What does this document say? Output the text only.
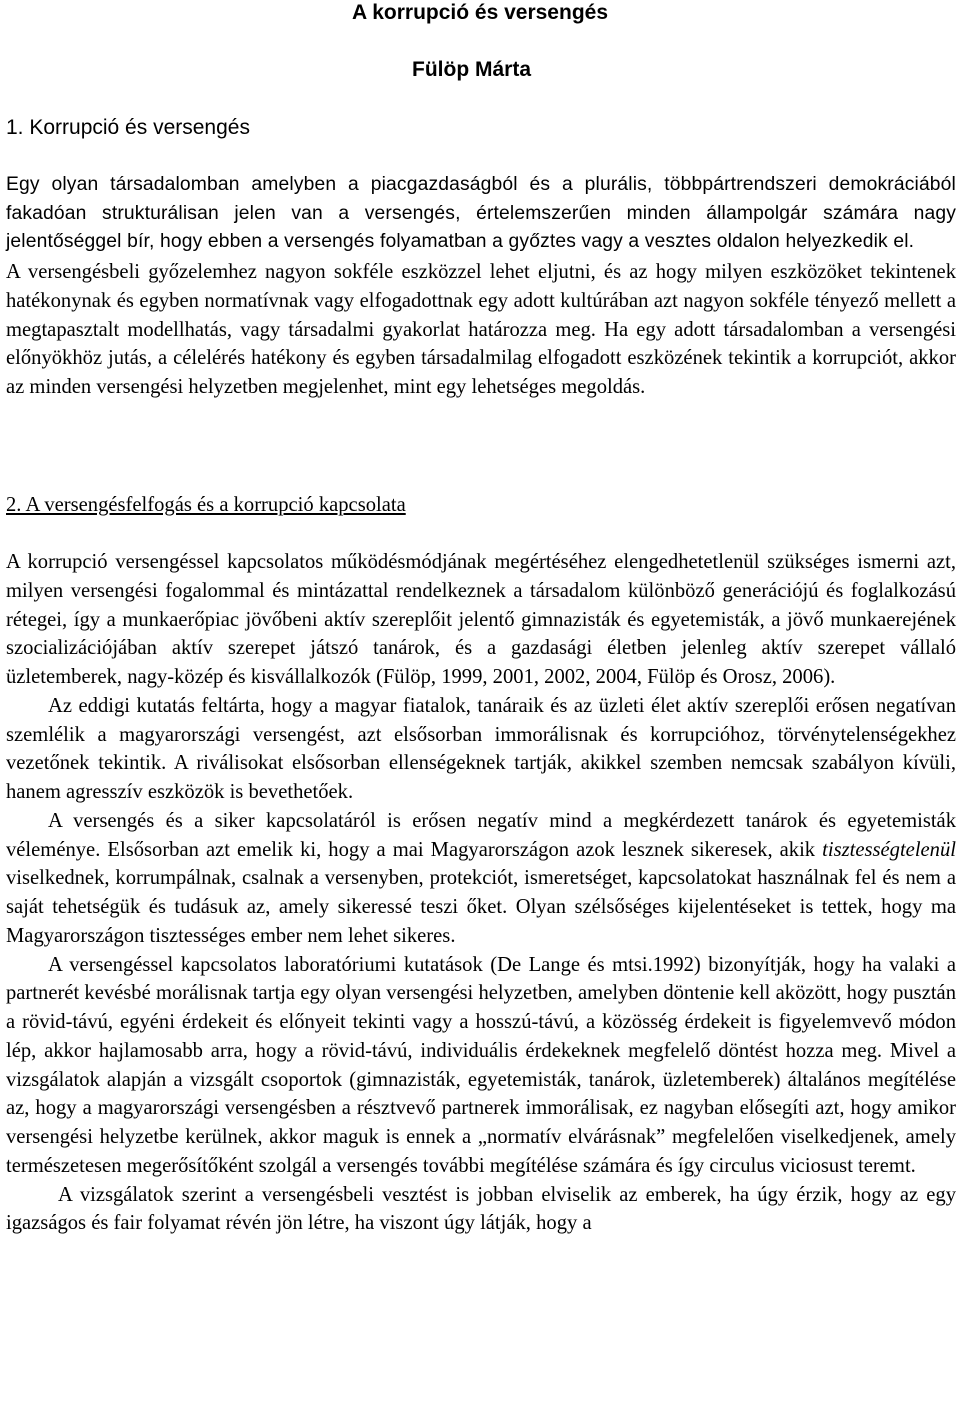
A korrupció és versengés
Fülöp Márta
1. Korrupció és versengés

Egy olyan társadalomban amelyben a piacgazdaságból és a plurális, többpártrendszeri demokráciából fakadóan strukturálisan jelen van a versengés, értelemszerűen minden állampolgár számára nagy jelentőséggel bír, hogy ebben a versengés folyamatban a győztes vagy a vesztes oldalon helyezkedik el.

A versengésbeli győzelemhez nagyon sokféle eszközzel lehet eljutni, és az hogy milyen eszközöket tekintenek hatékonynak és egyben normatívnak vagy elfogadottnak egy adott kultúrában azt nagyon sokféle tényező mellett a megtapasztalt modellhatás, vagy társadalmi gyakorlat határozza meg. Ha egy adott társadalomban a versengési előnyökhöz jutás, a célelérés hatékony és egyben társadalmilag elfogadott eszközének tekintik a korrupciót, akkor az minden versengési helyzetben megjelenhet, mint egy lehetséges megoldás.

2. A versengésfelfogás és a korrupció kapcsolata

A korrupció versengéssel kapcsolatos működésmódjának megértéséhez elengedhetetlenül szükséges ismerni azt, milyen versengési fogalommal és mintázattal rendelkeznek a társadalom különböző generációjú és foglalkozású rétegei, így a munkaerőpiac jövőbeni aktív szereplőit jelentő gimnazisták és egyetemisták, a jövő munkaerejének szocializációjában aktív szerepet játszó tanárok, és a gazdasági életben jelenleg aktív szerepet vállaló üzletemberek, nagy-közép és kisvállalkozók (Fülöp, 1999, 2001, 2002, 2004, Fülöp és Orosz, 2006).

Az eddigi kutatás feltárta, hogy a magyar fiatalok, tanáraik és az üzleti élet aktív szereplői erősen negatívan szemlélik a magyarországi versengést, azt elsősorban immorálisnak és korrupcióhoz, törvénytelenségekhez vezetőnek tekintik. A riválisokat elsősorban ellenségeknek tartják, akikkel szemben nemcsak szabályon kívüli, hanem agresszív eszközök is bevethetőek.

A versengés és a siker kapcsolatáról is erősen negatív mind a megkérdezett tanárok és egyetemisták véleménye. Elsősorban azt emelik ki, hogy a mai Magyarországon azok lesznek sikeresek, akik tisztességtelenül viselkednek, korrumpálnak, csalnak a versenyben, protekciót, ismeretséget, kapcsolatokat használnak fel és nem a saját tehetségük és tudásuk az, amely sikeressé teszi őket. Olyan szélsőséges kijelentéseket is tettek, hogy ma Magyarországon tisztességes ember nem lehet sikeres.

A versengéssel kapcsolatos laboratóriumi kutatások (De Lange és mtsi.1992) bizonyítják, hogy ha valaki a partnerét kevésbé morálisnak tartja egy olyan versengési helyzetben, amelyben döntenie kell aközött, hogy pusztán a rövid-távú, egyéni érdekeit és előnyeit tekinti vagy a hosszú-távú, a közösség érdekeit is figyelemvevő módon lép, akkor hajlamosabb arra, hogy a rövid-távú, individuális érdekeknek megfelelő döntést hozza meg. Mivel a vizsgálatok alapján a vizsgált csoportok (gimnazisták, egyetemisták, tanárok, üzletemberek) általános megítélése az, hogy a magyarországi versengésben a résztvevő partnerek immorálisak, ez nagyban elősegíti azt, hogy amikor versengési helyzetbe kerülnek, akkor maguk is ennek a „normatív elvárásnak” megfelelően viselkedjenek, amely természetesen megerősítőként szolgál a versengés további megítélése számára és így circulus viciosust teremt.

A vizsgálatok szerint a versengésbeli vesztést is jobban elviselik az emberek, ha úgy érzik, hogy az egy igazságos és fair folyamat révén jön létre, ha viszont úgy látják, hogy a
